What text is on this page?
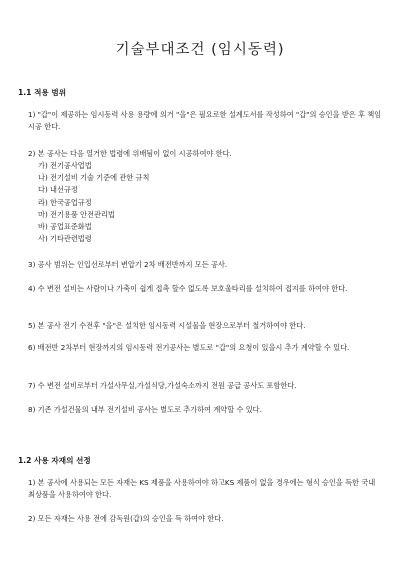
기술부대조건 (임시동력)
1.1 적용 범위

1) "갑"이 제공하는 임시동력 사용 용량에 의거 "을"은 필요로한 설계도서를 작성하여 "갑"의 승인을 받은 후 책임시공 한다.

2) 본 공사는 다음 열거한 법령에 위배됨이 없이 시공하여야 한다.

가) 전기공사업법
나) 전기설비 기술 기준에 관한 규칙
다) 내선규정
라) 한국공업규정
마) 전기용품 안전관리법
바) 공업표준화법
사) 기타관련법령

3) 공사 범위는 인입선로부터 변압기 2차 배전반까지 모든 공사.

4) 수 변전 설비는 사람이나 가축이 쉽게 접촉 할수 없도록 보호울타리를 설치하여 접지를 하여야 한다.

5) 본 공사 전기 수전후 "을"은 설치한 임시동력 시설물을 현장으로부터 철거하여야 한다.

6) 배전반 2차부터 현장까지의 임시동력 전기공사는 별도로 "갑"의 요청이 있을시 추가 계약할 수 있다.

7) 수 변전 설비로부터 가설사무실,가설식당,가설숙소까지 전원 공급 공사도 포함한다.

8) 기존 가설건물의 내부 전기설비 공사는 별도로 추가하여 계약할 수 있다.

1.2 사용 자재의 선정

1) 본 공사에 사용되는 모든 자재는 KS 제품을 사용하여야 하고KS 제품이 없을 경우에는 형식 승인을 득한 국내 최상품을 사용하여야 한다.

2) 모든 자재는 사용 전에 감독원(갑)의 승인을 득 하여야 한다.
